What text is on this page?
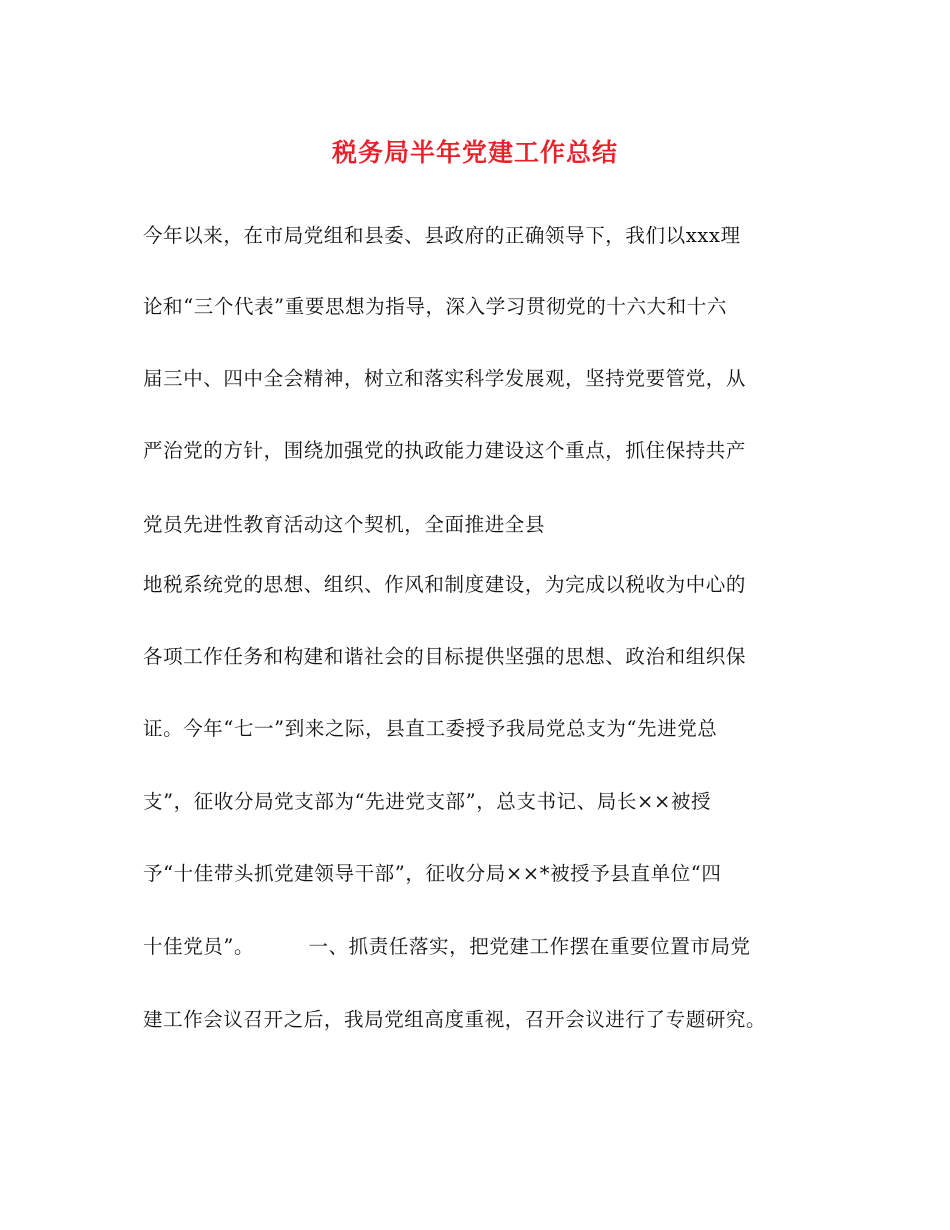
税务局半年党建工作总结
今年以来，在市局党组和县委、县政府的正确领导下，我们以xxx理
论和“三个代表”重要思想为指导，深入学习贯彻党的十六大和十六
届三中、四中全会精神，树立和落实科学发展观，坚持党要管党，从
严治党的方针，围绕加强党的执政能力建设这个重点，抓住保持共产
党员先进性教育活动这个契机，全面推进全县
地税系统党的思想、组织、作风和制度建设，为完成以税收为中心的
各项工作任务和构建和谐社会的目标提供坚强的思想、政治和组织保
证。今年“七一”到来之际，县直工委授予我局党总支为“先进党总
支”，征收分局党支部为“先进党支部”，总支书记、局长××被授
予“十佳带头抓党建领导干部”，征收分局××*被授予县直单位“四
十佳党员”。        一、抓责任落实，把党建工作摆在重要位置市局党
建工作会议召开之后，我局党组高度重视，召开会议进行了专题研究。
